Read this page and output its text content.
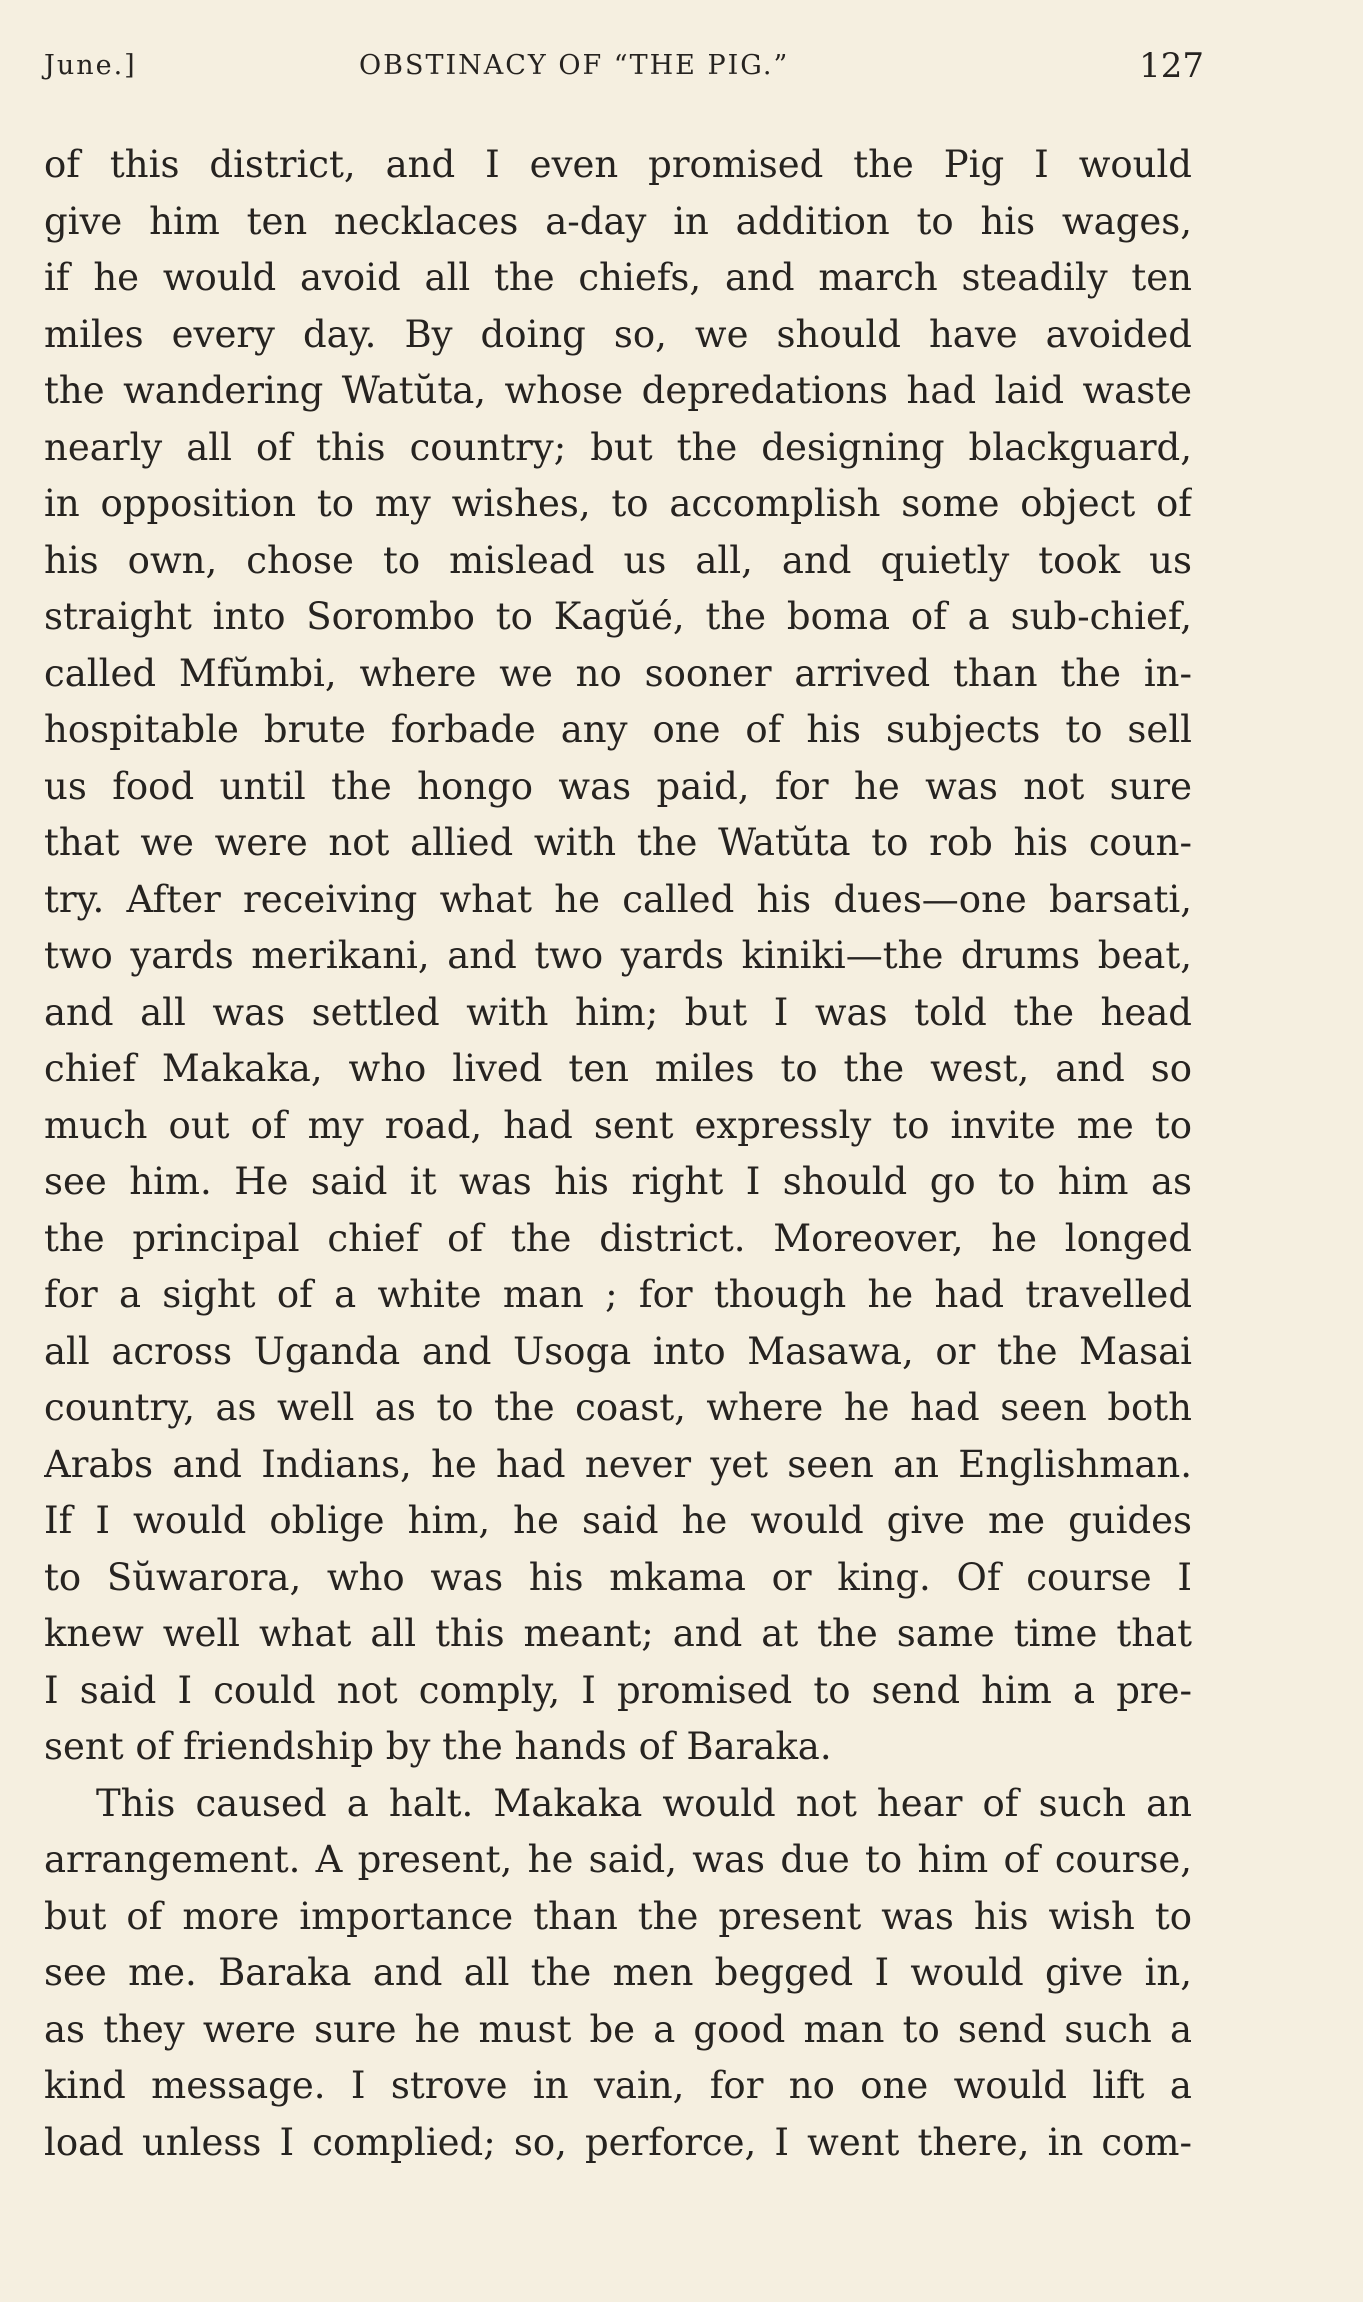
June.]	OBSTINACY OF “THE PIG.”	127
of this district, and I even promised the Pig I would
give him ten necklaces a-day in addition to his wages,
if he would avoid all the chiefs, and march steadily ten
miles every day. By doing so, we should have avoided
the wandering Watŭta, whose depredations had laid waste
nearly all of this country; but the designing blackguard,
in opposition to my wishes, to accomplish some object of
his own, chose to mislead us all, and quietly took us
straight into Sorombo to Kagŭé, the boma of a sub-chief,
called Mfŭmbi, where we no sooner arrived than the in-
hospitable brute forbade any one of his subjects to sell
us food until the hongo was paid, for he was not sure
that we were not allied with the Watŭta to rob his coun-
try. After receiving what he called his dues—one barsati,
two yards merikani, and two yards kiniki—the drums beat,
and all was settled with him; but I was told the head
chief Makaka, who lived ten miles to the west, and so
much out of my road, had sent expressly to invite me to
see him. He said it was his right I should go to him as
the principal chief of the district. Moreover, he longed
for a sight of a white man ; for though he had travelled
all across Uganda and Usoga into Masawa, or the Masai
country, as well as to the coast, where he had seen both
Arabs and Indians, he had never yet seen an Englishman.
If I would oblige him, he said he would give me guides
to Sŭwarora, who was his mkama or king. Of course I
knew well what all this meant; and at the same time that
I said I could not comply, I promised to send him a pre-
sent of friendship by the hands of Baraka.
This caused a halt. Makaka would not hear of such an
arrangement. A present, he said, was due to him of course,
but of more importance than the present was his wish to
see me. Baraka and all the men begged I would give in,
as they were sure he must be a good man to send such a
kind message. I strove in vain, for no one would lift a
load unless I complied; so, perforce, I went there, in com-
